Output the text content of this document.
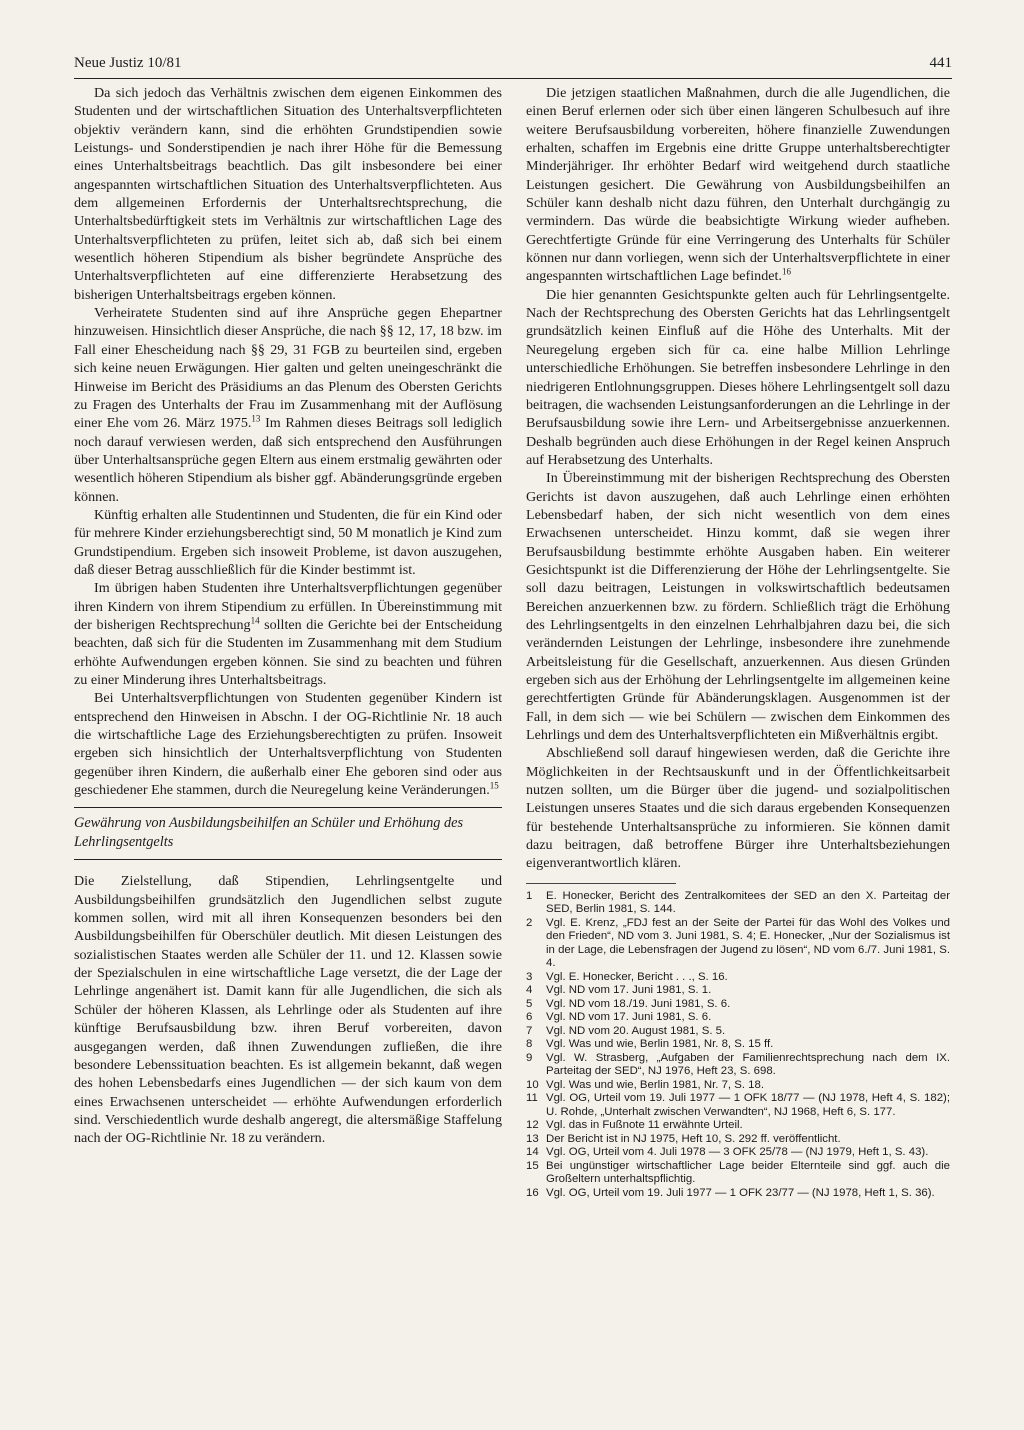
Neue Justiz 10/81	441

Da sich jedoch das Verhältnis zwischen dem eigenen Einkommen des Studenten und der wirtschaftlichen Situation des Unterhaltsverpflichteten objektiv verändern kann, sind die erhöhten Grundstipendien sowie Leistungs- und Sonderstipendien je nach ihrer Höhe für die Bemessung eines Unterhaltsbeitrags beachtlich. Das gilt insbesondere bei einer angespannten wirtschaftlichen Situation des Unterhaltsverpflichteten. Aus dem allgemeinen Erfordernis der Unterhaltsrechtsprechung, die Unterhaltsbedürftigkeit stets im Verhältnis zur wirtschaftlichen Lage des Unterhaltsverpflichteten zu prüfen, leitet sich ab, daß sich bei einem wesentlich höheren Stipendium als bisher begründete Ansprüche des Unterhaltsverpflichteten auf eine differenzierte Herabsetzung des bisherigen Unterhaltsbeitrags ergeben können.

Verheiratete Studenten sind auf ihre Ansprüche gegen Ehepartner hinzuweisen. Hinsichtlich dieser Ansprüche, die nach §§ 12, 17, 18 bzw. im Fall einer Ehescheidung nach §§ 29, 31 FGB zu beurteilen sind, ergeben sich keine neuen Erwägungen. Hier galten und gelten uneingeschränkt die Hinweise im Bericht des Präsidiums an das Plenum des Obersten Gerichts zu Fragen des Unterhalts der Frau im Zusammenhang mit der Auflösung einer Ehe vom 26. März 1975.13 Im Rahmen dieses Beitrags soll lediglich noch darauf verwiesen werden, daß sich entsprechend den Ausführungen über Unterhaltsansprüche gegen Eltern aus einem erstmalig gewährten oder wesentlich höheren Stipendium als bisher ggf. Abänderungsgründe ergeben können.

Künftig erhalten alle Studentinnen und Studenten, die für ein Kind oder für mehrere Kinder erziehungsberechtigt sind, 50 M monatlich je Kind zum Grundstipendium. Ergeben sich insoweit Probleme, ist davon auszugehen, daß dieser Betrag ausschließlich für die Kinder bestimmt ist.

Im übrigen haben Studenten ihre Unterhaltsverpflichtungen gegenüber ihren Kindern von ihrem Stipendium zu erfüllen. In Übereinstimmung mit der bisherigen Rechtsprechung$^{14}$ sollten die Gerichte bei der Entscheidung beachten, daß sich für die Studenten im Zusammenhang mit dem Studium erhöhte Aufwendungen ergeben können. Sie sind zu beachten und führen zu einer Minderung ihres Unterhaltsbeitrags.

Bei Unterhaltsverpflichtungen von Studenten gegenüber Kindern ist entsprechend den Hinweisen in Abschn. I der OG-Richtlinie Nr. 18 auch die wirtschaftliche Lage des Erziehungsberechtigten zu prüfen. Insoweit ergeben sich hinsichtlich der Unterhaltsverpflichtung von Studenten gegenüber ihren Kindern, die außerhalb einer Ehe geboren sind oder aus geschiedener Ehe stammen, durch die Neuregelung keine Veränderungen.$^{15}$

Gewährung von Ausbildungsbeihilfen an Schüler und Erhöhung des Lehrlingsentgelts

Die Zielstellung, daß Stipendien, Lehrlingsentgelte und Ausbildungsbeihilfen grundsätzlich den Jugendlichen selbst zugute kommen sollen, wird mit all ihren Konsequenzen besonders bei den Ausbildungsbeihilfen für Oberschüler deutlich. Mit diesen Leistungen des sozialistischen Staates werden alle Schüler der 11. und 12. Klassen sowie der Spezialschulen in eine wirtschaftliche Lage versetzt, die der Lage der Lehrlinge angenähert ist. Damit kann für alle Jugendlichen, die sich als Schüler der höheren Klassen, als Lehrlinge oder als Studenten auf ihre künftige Berufsausbildung bzw. ihren Beruf vorbereiten, davon ausgegangen werden, daß ihnen Zuwendungen zufließen, die ihre besondere Lebenssituation beachten. Es ist allgemein bekannt, daß wegen des hohen Lebensbedarfs eines Jugendlichen — der sich kaum von dem eines Erwachsenen unterscheidet — erhöhte Aufwendungen erforderlich sind. Verschiedentlich wurde deshalb angeregt, die altersmäßige Staffelung nach der OG-Richtlinie Nr. 18 zu verändern.

Die jetzigen staatlichen Maßnahmen, durch die alle Jugendlichen, die einen Beruf erlernen oder sich über einen längeren Schulbesuch auf ihre weitere Berufsausbildung vorbereiten, höhere finanzielle Zuwendungen erhalten, schaffen im Ergebnis eine dritte Gruppe unterhaltsberechtigter Minderjähriger. Ihr erhöhter Bedarf wird weitgehend durch staatliche Leistungen gesichert. Die Gewährung von Ausbildungsbeihilfen an Schüler kann deshalb nicht dazu führen, den Unterhalt durchgängig zu vermindern. Das würde die beabsichtigte Wirkung wieder aufheben. Gerechtfertigte Gründe für eine Verringerung des Unterhalts für Schüler können nur dann vorliegen, wenn sich der Unterhaltsverpflichtete in einer angespannten wirtschaftlichen Lage befindet.$^{16}$

Die hier genannten Gesichtspunkte gelten auch für Lehrlingsentgelte. Nach der Rechtsprechung des Obersten Gerichts hat das Lehrlingsentgelt grundsätzlich keinen Einfluß auf die Höhe des Unterhalts. Mit der Neuregelung ergeben sich für ca. eine halbe Million Lehrlinge unterschiedliche Erhöhungen. Sie betreffen insbesondere Lehrlinge in den niedrigeren Entlohnungsgruppen. Dieses höhere Lehrlingsentgelt soll dazu beitragen, die wachsenden Leistungsanforderungen an die Lehrlinge in der Berufsausbildung sowie ihre Lern- und Arbeitsergebnisse anzuerkennen. Deshalb begründen auch diese Erhöhungen in der Regel keinen Anspruch auf Herabsetzung des Unterhalts.

In Übereinstimmung mit der bisherigen Rechtsprechung des Obersten Gerichts ist davon auszugehen, daß auch Lehrlinge einen erhöhten Lebensbedarf haben, der sich nicht wesentlich von dem eines Erwachsenen unterscheidet. Hinzu kommt, daß sie wegen ihrer Berufsausbildung bestimmte erhöhte Ausgaben haben. Ein weiterer Gesichtspunkt ist die Differenzierung der Höhe der Lehrlingsentgelte. Sie soll dazu beitragen, Leistungen in volkswirtschaftlich bedeutsamen Bereichen anzuerkennen bzw. zu fördern. Schließlich trägt die Erhöhung des Lehrlingsentgelts in den einzelnen Lehrhalbjahren dazu bei, die sich verändernden Leistungen der Lehrlinge, insbesondere ihre zunehmende Arbeitsleistung für die Gesellschaft, anzuerkennen. Aus diesen Gründen ergeben sich aus der Erhöhung der Lehrlingsentgelte im allgemeinen keine gerechtfertigten Gründe für Abänderungsklagen. Ausgenommen ist der Fall, in dem sich — wie bei Schülern — zwischen dem Einkommen des Lehrlings und dem des Unterhaltsverpflichteten ein Mißverhältnis ergibt.

Abschließend soll darauf hingewiesen werden, daß die Gerichte ihre Möglichkeiten in der Rechtsauskunft und in der Öffentlichkeitsarbeit nutzen sollten, um die Bürger über die jugend- und sozialpolitischen Leistungen unseres Staates und die sich daraus ergebenden Konsequenzen für bestehende Unterhaltsansprüche zu informieren. Sie können damit dazu beitragen, daß betroffene Bürger ihre Unterhaltsbeziehungen eigenverantwortlich klären.

1	E. Honecker, Bericht des Zentralkomitees der SED an den X. Parteitag der SED, Berlin 1981, S. 144.
2	Vgl. E. Krenz, „FDJ fest an der Seite der Partei für das Wohl des Volkes und den Frieden“, ND vom 3. Juni 1981, S. 4; E. Honecker, „Nur der Sozialismus ist in der Lage, die Lebensfragen der Jugend zu lösen“, ND vom 6./7. Juni 1981, S. 4.
3	Vgl. E. Honecker, Bericht . . ., S. 16.
4	Vgl. ND vom 17. Juni 1981, S. 1.
5	Vgl. ND vom 18./19. Juni 1981, S. 6.
6	Vgl. ND vom 17. Juni 1981, S. 6.
7	Vgl. ND vom 20. August 1981, S. 5.
8	Vgl. Was und wie, Berlin 1981, Nr. 8, S. 15 ff.
9	Vgl. W. Strasberg, „Aufgaben der Familienrechtsprechung nach dem IX. Parteitag der SED“, NJ 1976, Heft 23, S. 698.
10 Vgl. Was und wie, Berlin 1981, Nr. 7, S. 18.
11 Vgl. OG, Urteil vom 19. Juli 1977 — 1 OFK 18/77 — (NJ 1978, Heft 4, S. 182); U. Rohde, „Unterhalt zwischen Verwandten“, NJ 1968, Heft 6, S. 177.
12 Vgl. das in Fußnote 11 erwähnte Urteil.
13 Der Bericht ist in NJ 1975, Heft 10, S. 292 ff. veröffentlicht.
14 Vgl. OG, Urteil vom 4. Juli 1978 — 3 OFK 25/78 — (NJ 1979, Heft 1, S. 43).
15 Bei ungünstiger wirtschaftlicher Lage beider Elternteile sind ggf. auch die Großeltern unterhaltspflichtig.
16 Vgl. OG, Urteil vom 19. Juli 1977 — 1 OFK 23/77 — (NJ 1978, Heft 1, S. 36).
